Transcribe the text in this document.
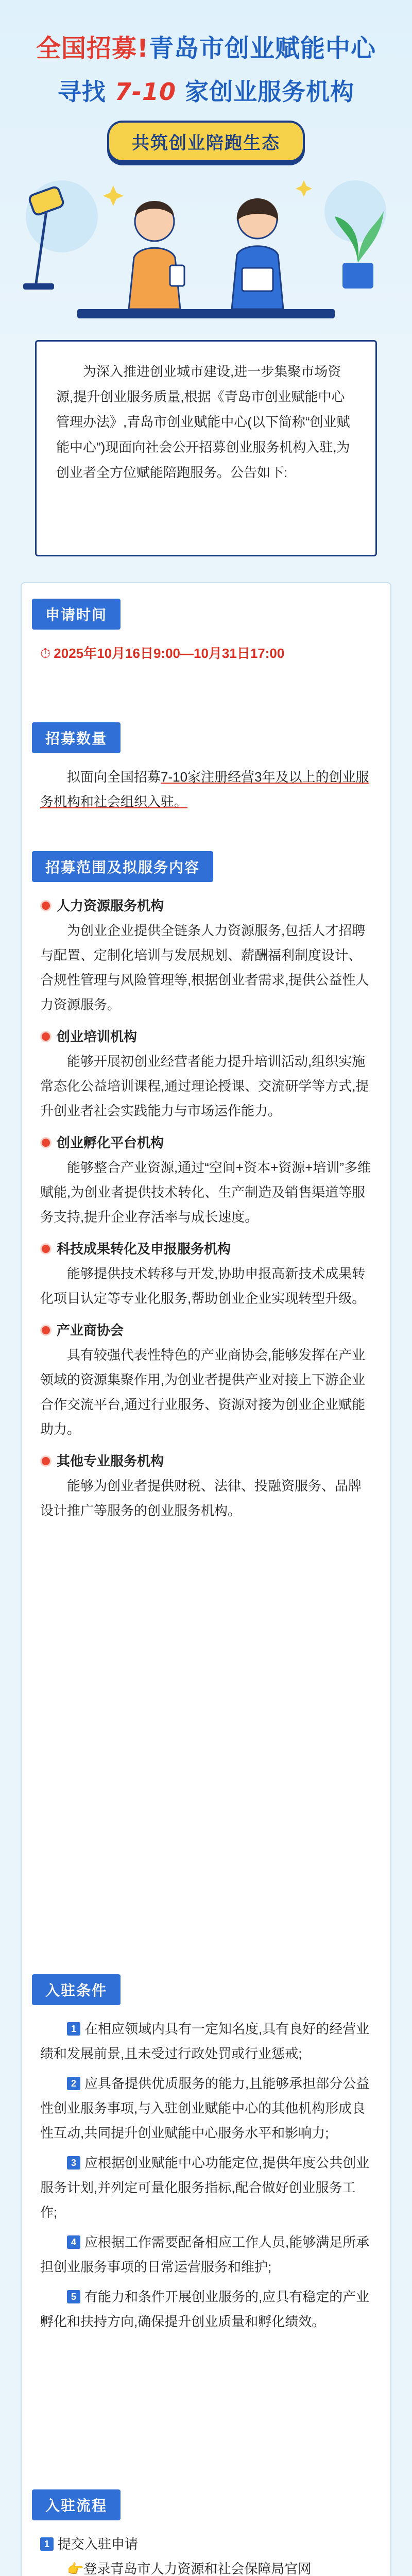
全国招募!青岛市创业赋能中心
寻找 7-10 家创业服务机构
共筑创业陪跑生态
为深入推进创业城市建设,进一步集聚市场资源,提升创业服务质量,根据《青岛市创业赋能中心管理办法》,青岛市创业赋能中心(以下简称“创业赋能中心”)现面向社会公开招募创业服务机构入驻,为创业者全方位赋能陪跑服务。公告如下:
申请时间
⏱ 2025年10月16日9:00—10月31日17:00
招募数量
拟面向全国招募7-10家注册经营3年及以上的创业服务机构和社会组织入驻。
招募范围及拟服务内容
人力资源服务机构
为创业企业提供全链条人力资源服务,包括人才招聘与配置、定制化培训与发展规划、薪酬福利制度设计、合规性管理与风险管理等,根据创业者需求,提供公益性人力资源服务。
创业培训机构
能够开展初创业经营者能力提升培训活动,组织实施常态化公益培训课程,通过理论授课、交流研学等方式,提升创业者社会实践能力与市场运作能力。
创业孵化平台机构
能够整合产业资源,通过“空间+资本+资源+培训”多维赋能,为创业者提供技术转化、生产制造及销售渠道等服务支持,提升企业存活率与成长速度。
科技成果转化及申报服务机构
能够提供技术转移与开发,协助申报高新技术成果转化项目认定等专业化服务,帮助创业企业实现转型升级。
产业商协会
具有较强代表性特色的产业商协会,能够发挥在产业领域的资源集聚作用,为创业者提供产业对接上下游企业合作交流平台,通过行业服务、资源对接为创业企业赋能助力。
其他专业服务机构
能够为创业者提供财税、法律、投融资服务、品牌设计推广等服务的创业服务机构。
入驻条件
1 在相应领域内具有一定知名度,具有良好的经营业绩和发展前景,且未受过行政处罚或行业惩戒;
2 应具备提供优质服务的能力,且能够承担部分公益性创业服务事项,与入驻创业赋能中心的其他机构形成良性互动,共同提升创业赋能中心服务水平和影响力;
3 应根据创业赋能中心功能定位,提供年度公共创业服务计划,并列定可量化服务指标,配合做好创业服务工作;
4 应根据工作需要配备相应工作人员,能够满足所承担创业服务事项的日常运营服务和维护;
5 有能力和条件开展创业服务的,应具有稳定的产业孵化和扶持方向,确保提升创业质量和孵化绩效。
入驻流程
1 提交入驻申请
👉登录青岛市人力资源和社会保障局官网
